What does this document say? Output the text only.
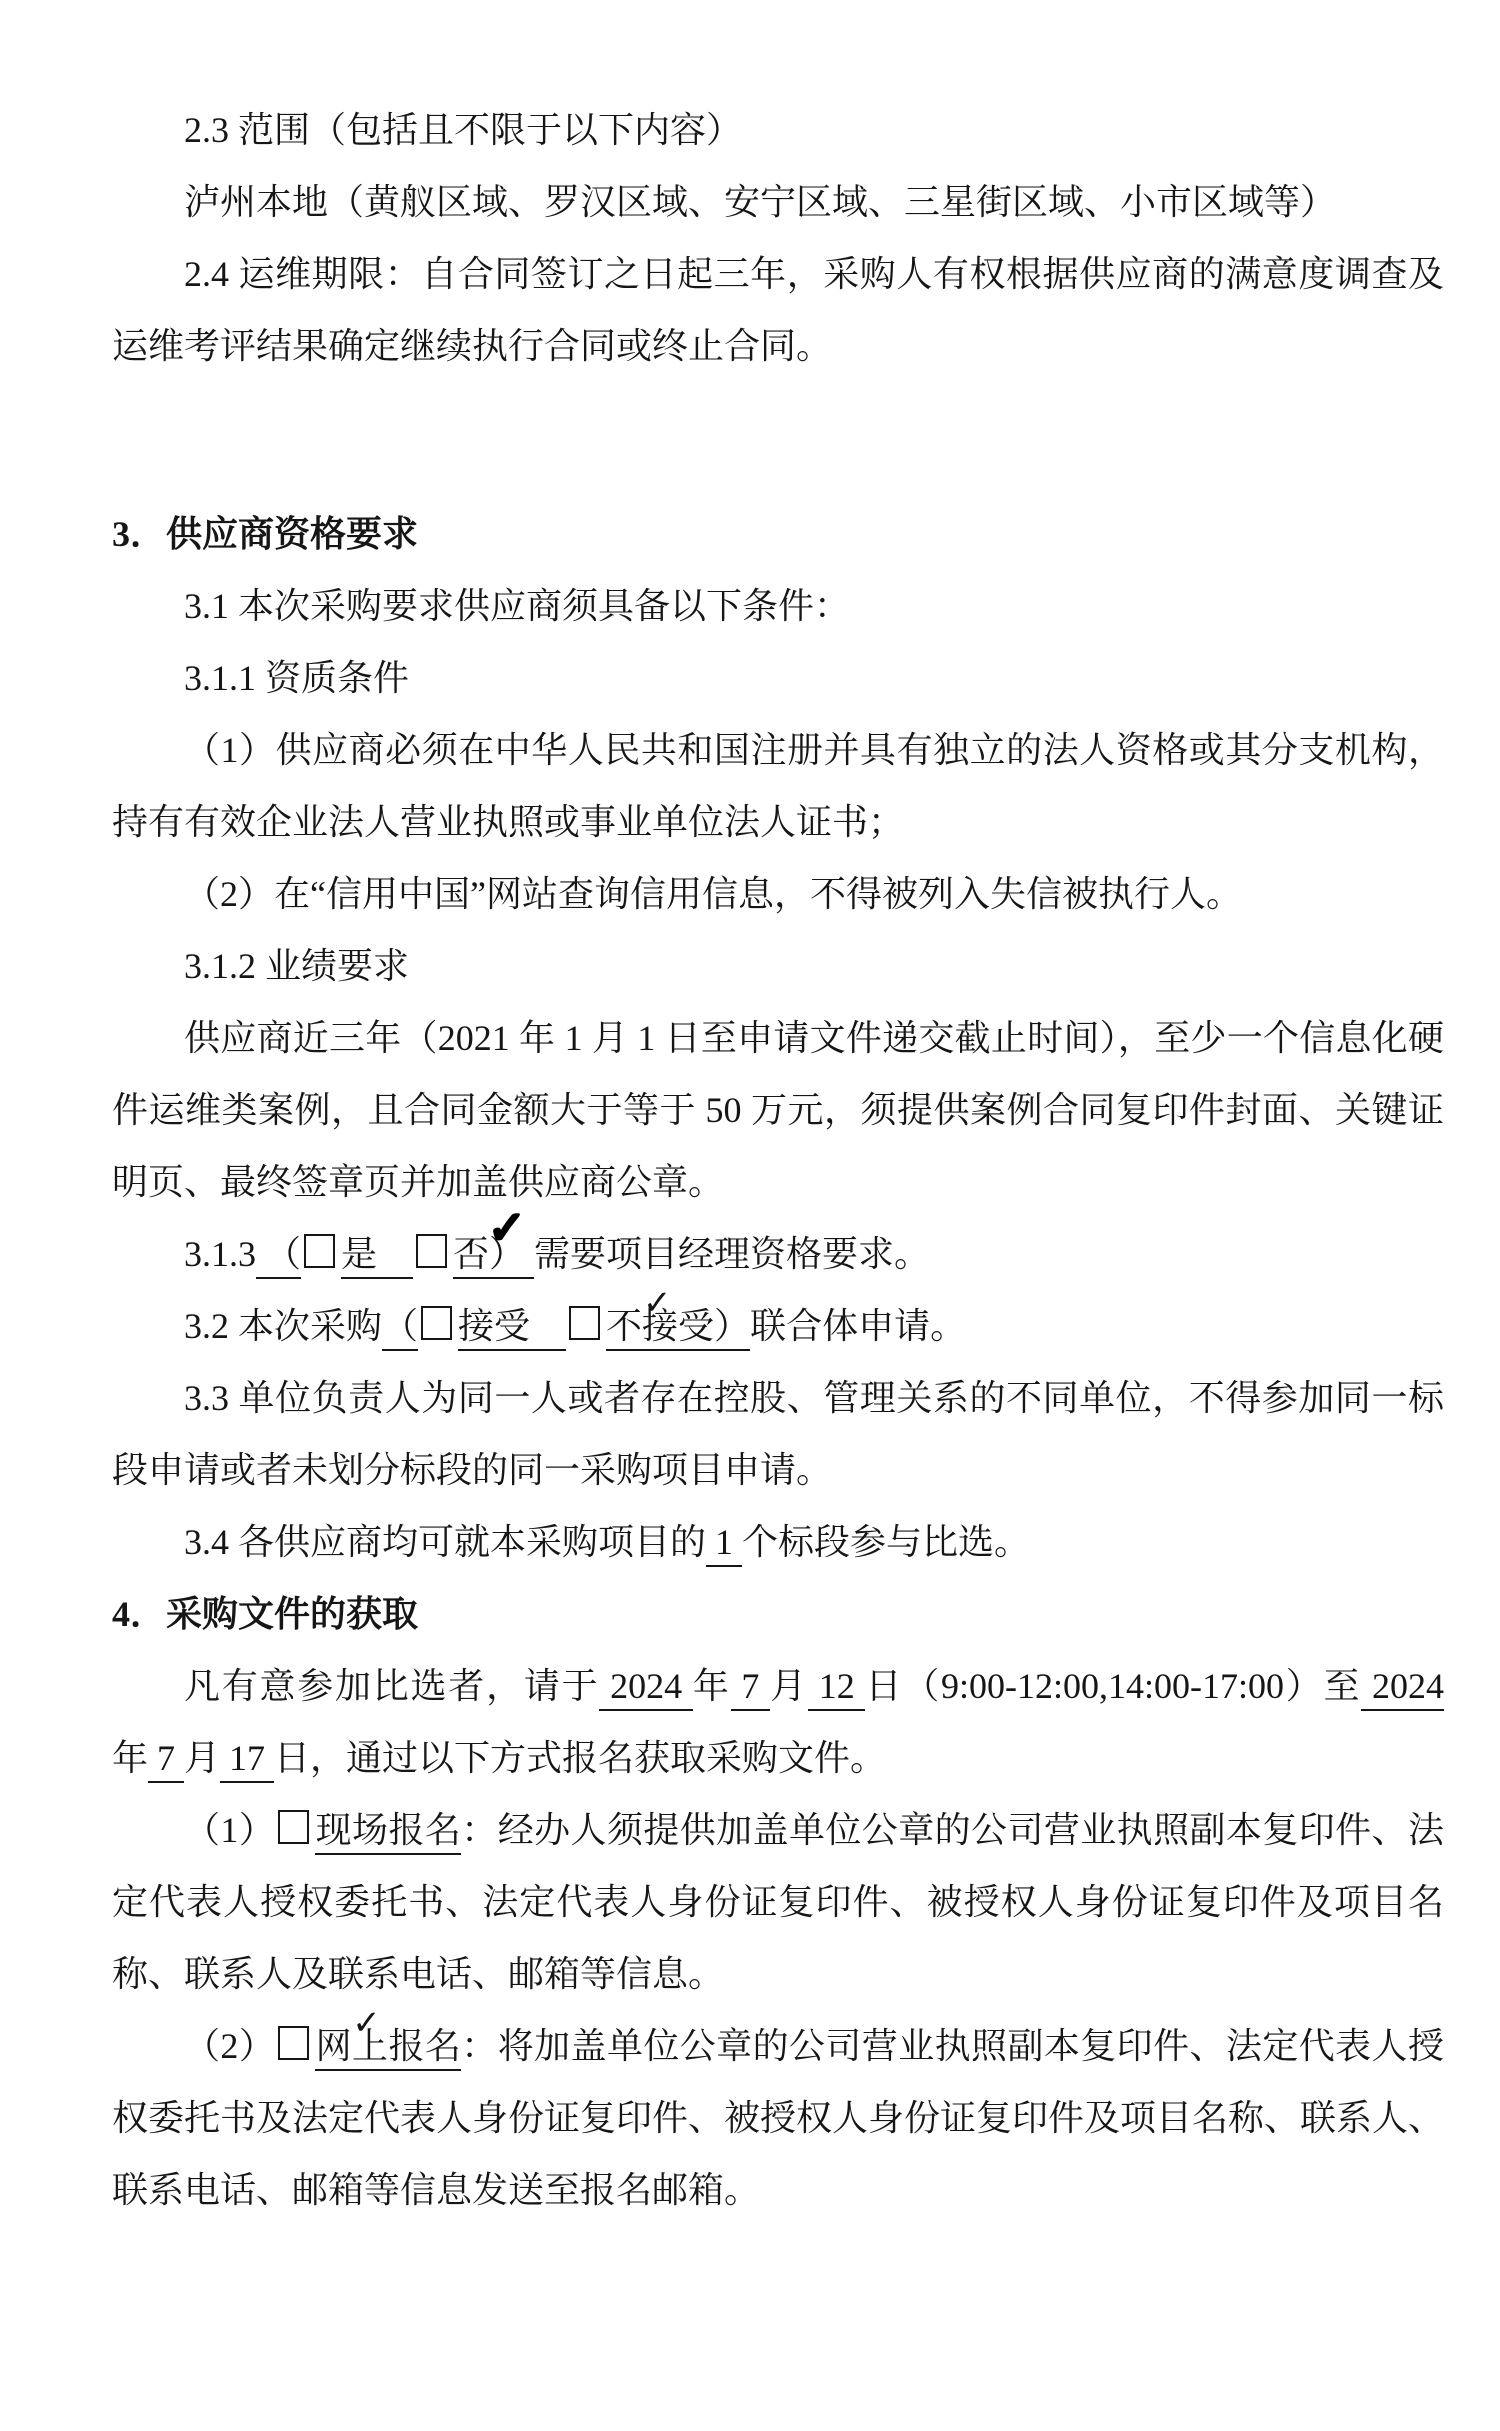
2.3 范围（包括且不限于以下内容）

泸州本地（黄舣区域、罗汉区域、安宁区域、三星街区域、小市区域等）

2.4 运维期限：自合同签订之日起三年，采购人有权根据供应商的满意度调查及运维考评结果确定继续执行合同或终止合同。

3．供应商资格要求

3.1 本次采购要求供应商须具备以下条件：

3.1.1 资质条件

（1）供应商必须在中华人民共和国注册并具有独立的法人资格或其分支机构，持有有效企业法人营业执照或事业单位法人证书；

（2）在“信用中国”网站查询信用信息，不得被列入失信被执行人。

3.1.2 业绩要求

供应商近三年（2021 年 1 月 1 日至申请文件递交截止时间），至少一个信息化硬件运维类案例，且合同金额大于等于 50 万元，须提供案例合同复印件封面、关键证明页、最终签章页并加盖供应商公章。

3.1.3 （ 是　✓否） 需要项目经理资格要求。

3.2 本次采购（ 接受　✓不接受）联合体申请。

3.3 单位负责人为同一人或者存在控股、管理关系的不同单位，不得参加同一标段申请或者未划分标段的同一采购项目申请。

3.4 各供应商均可就本采购项目的 1 个标段参与比选。

4．采购文件的获取

凡有意参加比选者，请于 2024 年 7 月 12 日（9:00-12:00,14:00-17:00）至 2024 年 7 月 17 日，通过以下方式报名获取采购文件。

（1） 现场报名：经办人须提供加盖单位公章的公司营业执照副本复印件、法定代表人授权委托书、法定代表人身份证复印件、被授权人身份证复印件及项目名称、联系人及联系电话、邮箱等信息。

（2） ✓ 网上报名：将加盖单位公章的公司营业执照副本复印件、法定代表人授权委托书及法定代表人身份证复印件、被授权人身份证复印件及项目名称、联系人、联系电话、邮箱等信息发送至报名邮箱。
